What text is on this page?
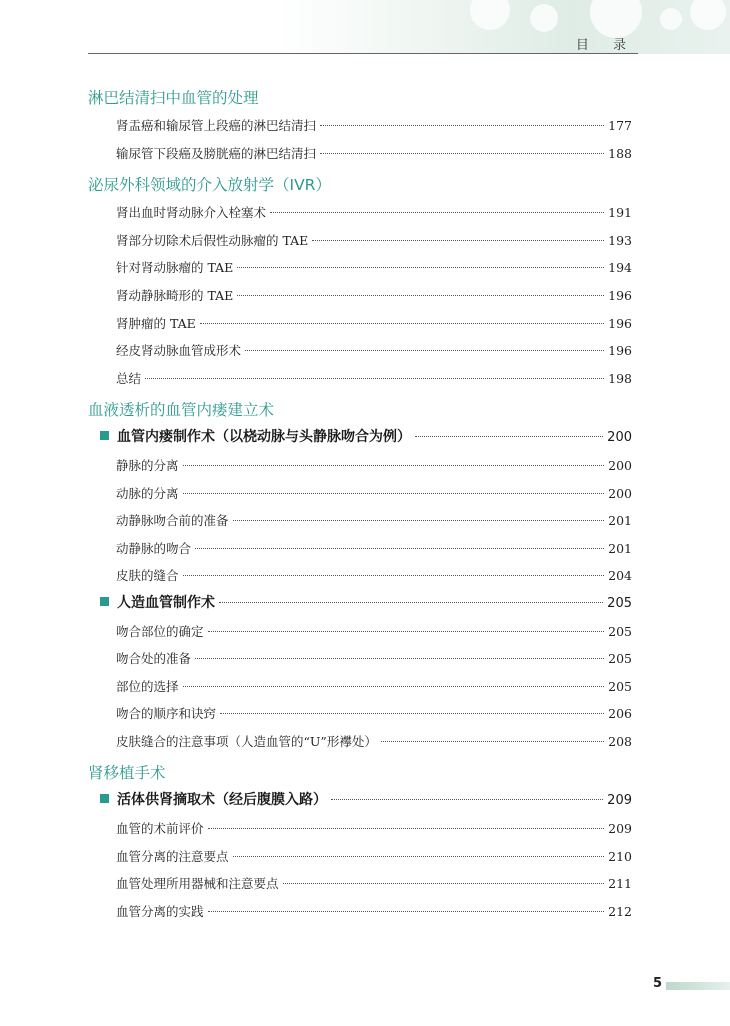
目 录
淋巴结清扫中血管的处理
肾盂癌和输尿管上段癌的淋巴结清扫	177
输尿管下段癌及膀胱癌的淋巴结清扫	188
泌尿外科领域的介入放射学（IVR）
肾出血时肾动脉介入栓塞术	191
肾部分切除术后假性动脉瘤的 TAE	193
针对肾动脉瘤的 TAE	194
肾动静脉畸形的 TAE	196
肾肿瘤的 TAE	196
经皮肾动脉血管成形术	196
总结	198
血液透析的血管内瘘建立术
血管内瘘制作术（以桡动脉与头静脉吻合为例）	200
静脉的分离	200
动脉的分离	200
动静脉吻合前的准备	201
动静脉的吻合	201
皮肤的缝合	204
人造血管制作术	205
吻合部位的确定	205
吻合处的准备	205
部位的选择	205
吻合的顺序和诀窍	206
皮肤缝合的注意事项（人造血管的“U”形襻处）	208
肾移植手术
活体供肾摘取术（经后腹膜入路）	209
血管的术前评价	209
血管分离的注意要点	210
血管处理所用器械和注意要点	211
血管分离的实践	212
5
